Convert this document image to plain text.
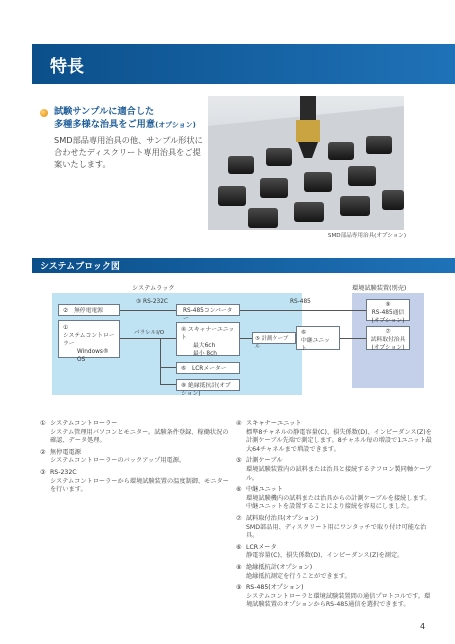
特長
試験サンプルに適合した
多種多様な治具をご用意(オプション)
SMD部品専用治具の他、サンプル形状に合わせたディスクリート専用治具をご提案いたします。
SMD部品専用治具(オプション)
システムブロック図
システムラック	環境試験装置(別売)
③ RS-232C	RS-485
パラレルI/O
②　無停電電源
①
システムコントローラー
Windows® OS
RS-485コンバーター
④ スキャナーユニット
最大6ch
最小 8ch
⑥　 LCRメーター
⑧ 絶縁抵抗計(オプション)
⑤ 計測ケーブル
⑥
中継ユニット
⑨
RS-485通信
(オプション)
⑦
試料取付治具
(オプション)
① システムコントローラー
システム管理用パソコンとモニター。試験条件登録、稼働状況の確認、データ処理。
② 無停電電源
システムコントローラーのバックアップ用電源。
③ RS-232C
システムコントローラーから環境試験装置の温度制御、モニターを行います。
④ スキャナーユニット
標準8チャネルの静電容量(C)、損失係数(D)、インピーダンス(Z)を計測ケーブル先端で測定します。8チャネル毎の増設で1ユニット最大64チャネルまで増設できます。
⑤ 計測ケーブル
環境試験装置内の試料または治具と接続するテフロン製同軸ケーブル。
⑥ 中継ユニット
環境試験機内の試料または治具からの計測ケーブルを接続します。中継ユニットを設置することにより接続を容易にしました。
⑦ 試料取付治具(オプション)
SMD部品用、ディスクリート用にワンタッチで取り付け可能な治具。
⑥ LCRメータ
静電容量(C)、損失係数(D)、インピーダンス(Z)を測定。
⑧ 絶縁抵抗計(オプション)
絶縁抵抗測定を行うことができます。
⑨ RS-485(オプション)
システムコントローラと環境試験装置間の通信プロトコルです。環境試験装置のオプションからRS-485通信を選択できます。
4
